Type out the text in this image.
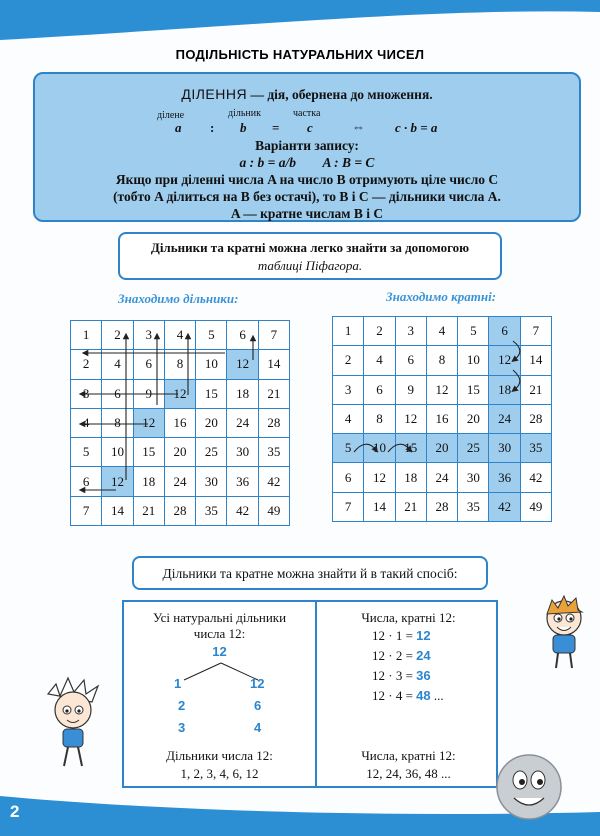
ПОДІЛЬНІСТЬ НАТУРАЛЬНИХ ЧИСЕЛ
ДІЛЕННЯ — дія, обернена до множення.
ділене	дільник	частка
a : b = c	⇔ c · b = a
Варіанти запису:
a : b = a/b        A : B = C
Якщо при діленні числа A на число B отримують ціле число C
(тобто A ділиться на B без остачі), то B і C — дільники числа A.
A — кратне числам B і C
Дільники та кратні можна легко знайти за допомогою
таблиці Піфагора.
Знаходимо дільники:	Знаходимо кратні:
1	2	3	4	5	6	7
2	4	6	8	10	12	14
3	6	9	12	15	18	21
4	8	12	16	20	24	28
5	10	15	20	25	30	35
6	12	18	24	30	36	42
7	14	21	28	35	42	49
1	2	3	4	5	6	7
2	4	6	8	10	12	14
3	6	9	12	15	18	21
4	8	12	16	20	24	28
5	10	15	20	25	30	35
6	12	18	24	30	36	42
7	14	21	28	35	42	49
Дільники та кратне можна знайти й в такий спосіб:
Усі натуральні дільники
числа 12:
12
1	12
2	6
3	4
Дільники числа 12:
1, 2, 3, 4, 6, 12
Числа, кратні 12:
12 · 1 = 12
12 · 2 = 24
12 · 3 = 36
12 · 4 = 48 ...
Числа, кратні 12:
12, 24, 36, 48 ...
2
